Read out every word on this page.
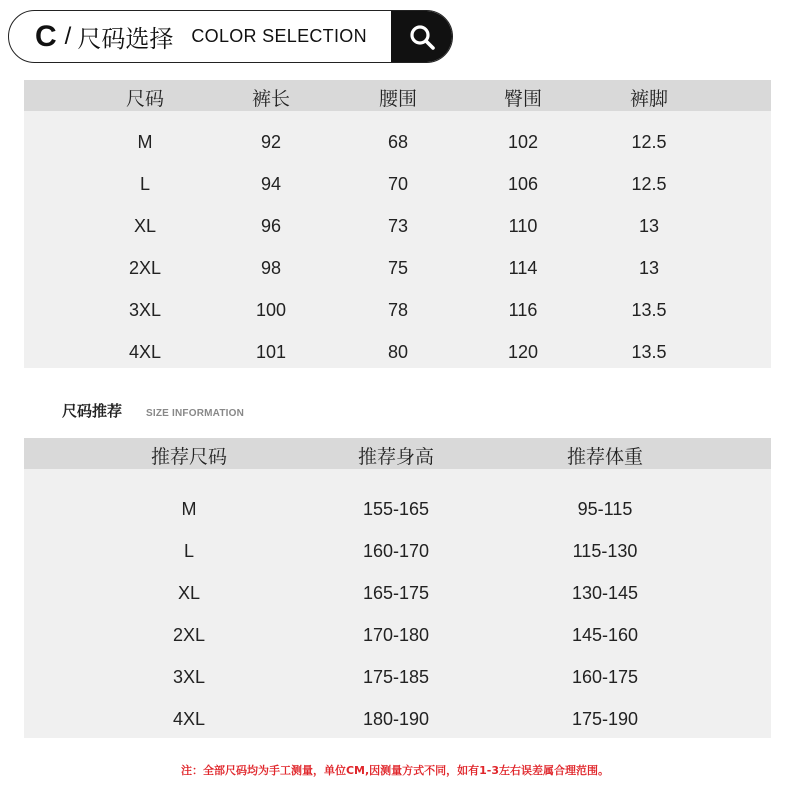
C / 尺码选择 COLOR SELECTION
尺码	裤长	腰围	臀围	裤脚
M	92	68	102	12.5
L	94	70	106	12.5
XL	96	73	110	13
2XL	98	75	114	13
3XL	100	78	116	13.5
4XL	101	80	120	13.5
尺码推荐 SIZE INFORMATION
推荐尺码	推荐身高	推荐体重
M	155-165	95-115
L	160-170	115-130
XL	165-175	130-145
2XL	170-180	145-160
3XL	175-185	160-175
4XL	180-190	175-190
注：全部尺码均为手工测量，单位CM,因测量方式不同，如有1-3左右误差属合理范围。
